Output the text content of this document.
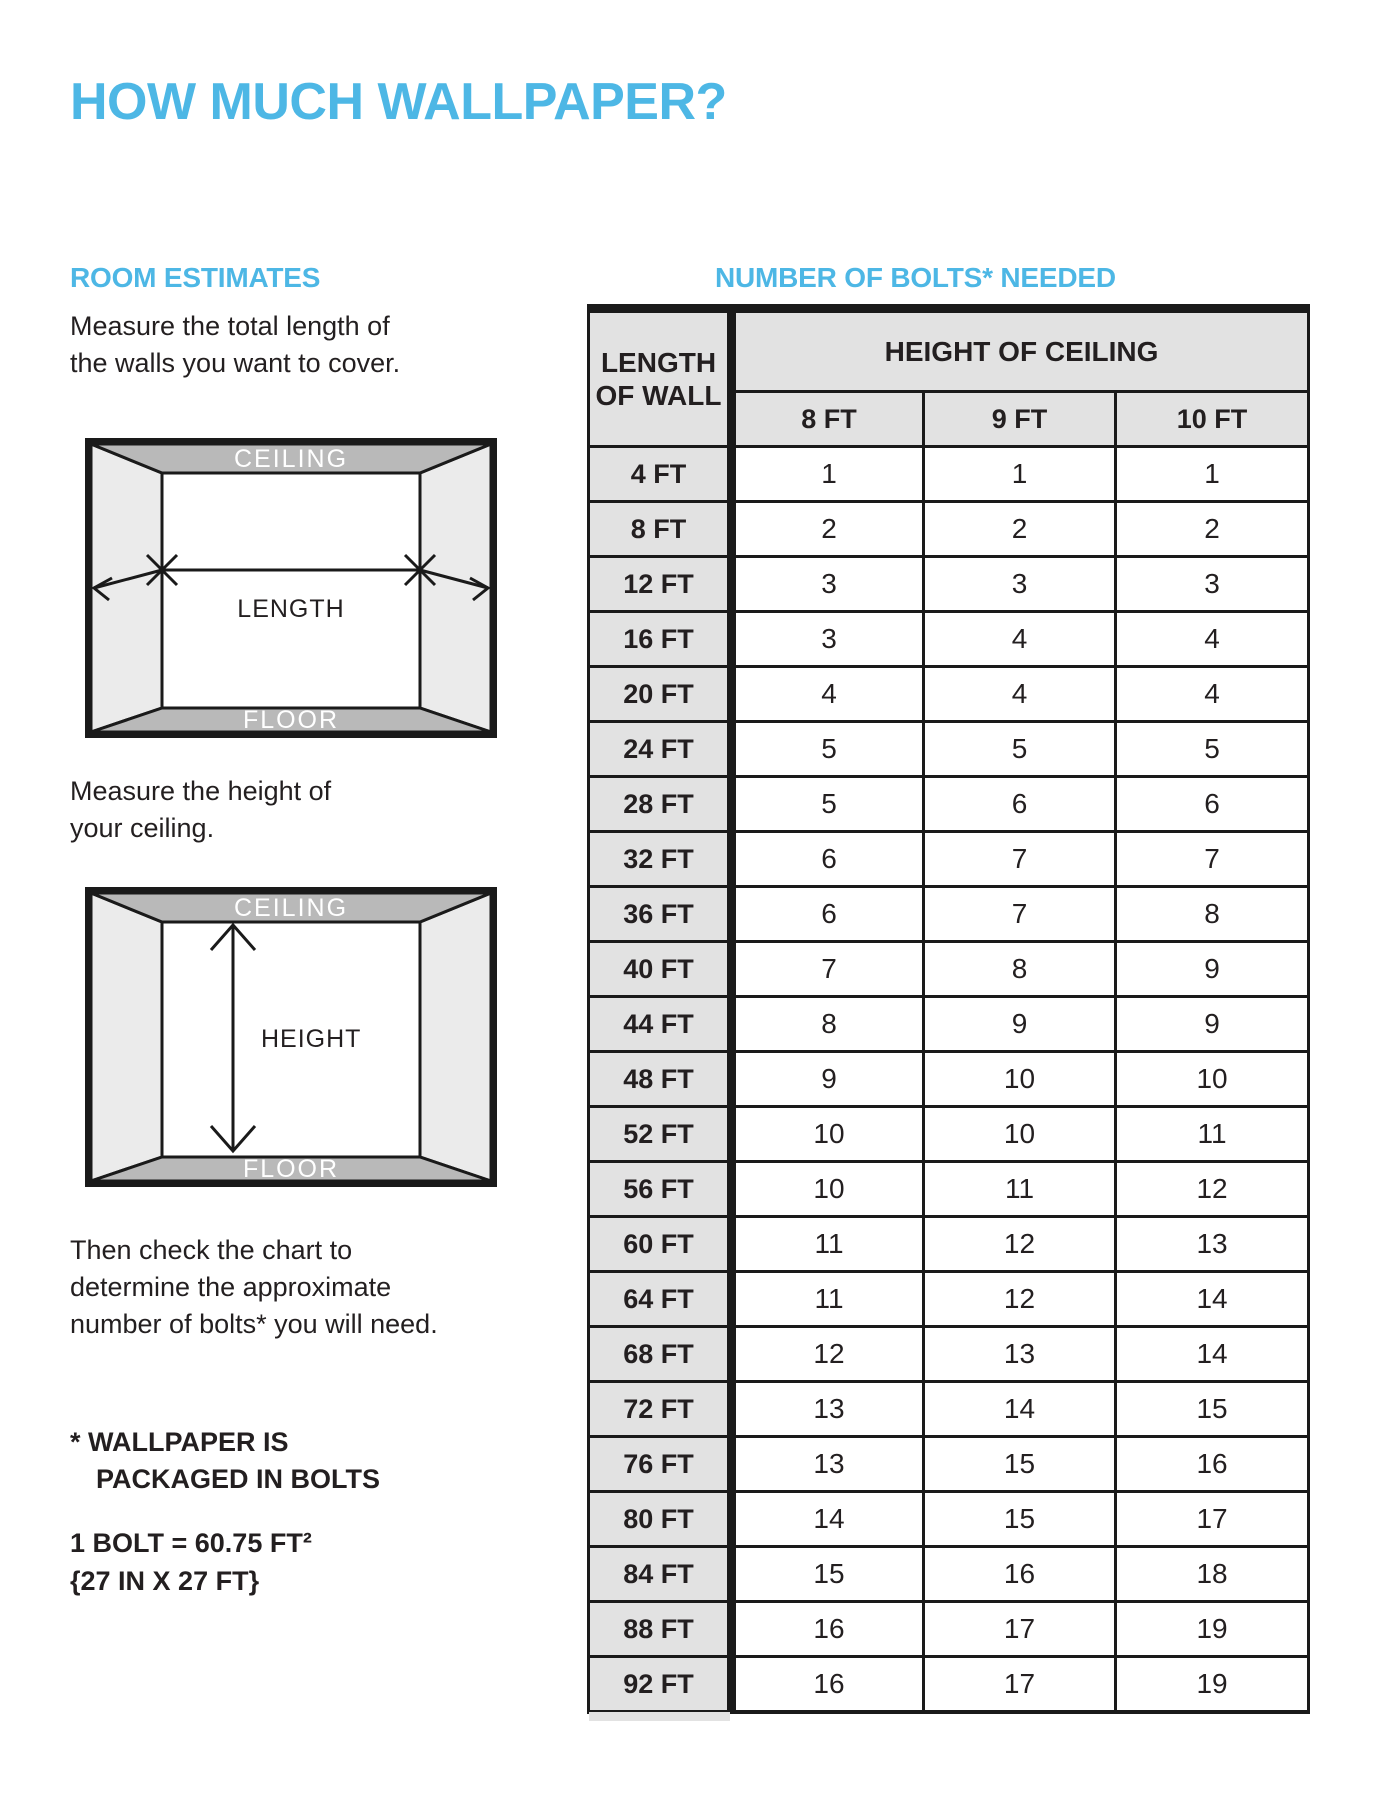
HOW MUCH WALLPAPER?
ROOM ESTIMATES

Measure the total length of
the walls you want to cover.

CEILING
FLOOR
LENGTH

Measure the height of
your ceiling.

CEILING
FLOOR
HEIGHT

Then check the chart to
determine the approximate
number of bolts* you will need.

* WALLPAPER IS
PACKAGED IN BOLTS

1 BOLT = 60.75 FT²
{27 IN X 27 FT}

NUMBER OF BOLTS* NEEDED
LENGTH OF WALL	HEIGHT OF CEILING		
	8 FT	9 FT	10 FT
4 FT	1	1	1
8 FT	2	2	2
12 FT	3	3	3
16 FT	3	4	4
20 FT	4	4	4
24 FT	5	5	5
28 FT	5	6	6
32 FT	6	7	7
36 FT	6	7	8
40 FT	7	8	9
44 FT	8	9	9
48 FT	9	10	10
52 FT	10	10	11
56 FT	10	11	12
60 FT	11	12	13
64 FT	11	12	14
68 FT	12	13	14
72 FT	13	14	15
76 FT	13	15	16
80 FT	14	15	17
84 FT	15	16	18
88 FT	16	17	19
92 FT	16	17	19
